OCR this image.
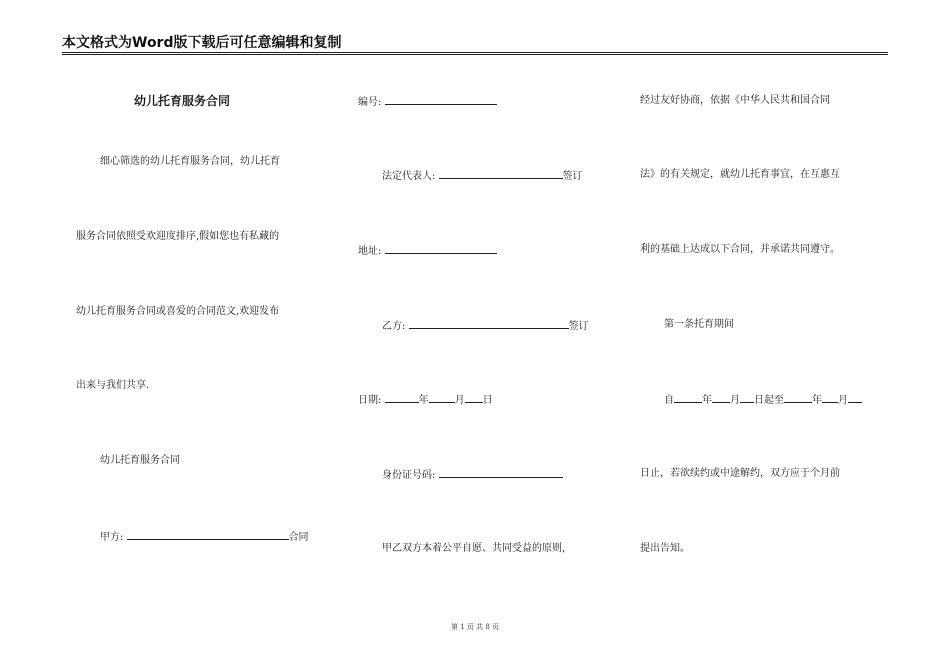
本文格式为Word版下载后可任意编辑和复制
幼儿托育服务合同
细心筛选的幼儿托育服务合同，幼儿托育
服务合同依照受欢迎度排序,假如您也有私藏的
幼儿托育服务合同或喜爱的合同范文,欢迎发布
出来与我们共享.
幼儿托育服务合同
甲方:	合同
编号:
法定代表人:	签订
地址:
乙方:	签订
日期:	年	月 日
身份证号码:
甲乙双方本着公平自愿、共同受益的原则,
经过友好协商，依据《中华人民共和国合同
法》的有关规定，就幼儿托育事宜，在互惠互
利的基础上达成以下合同，并承诺共同遵守。
第一条托育期间
自	年 月 日起至	年 月
日止，若欲续约或中途解约，双方应于个月前
提出告知。
第 1 页 共 8 页
